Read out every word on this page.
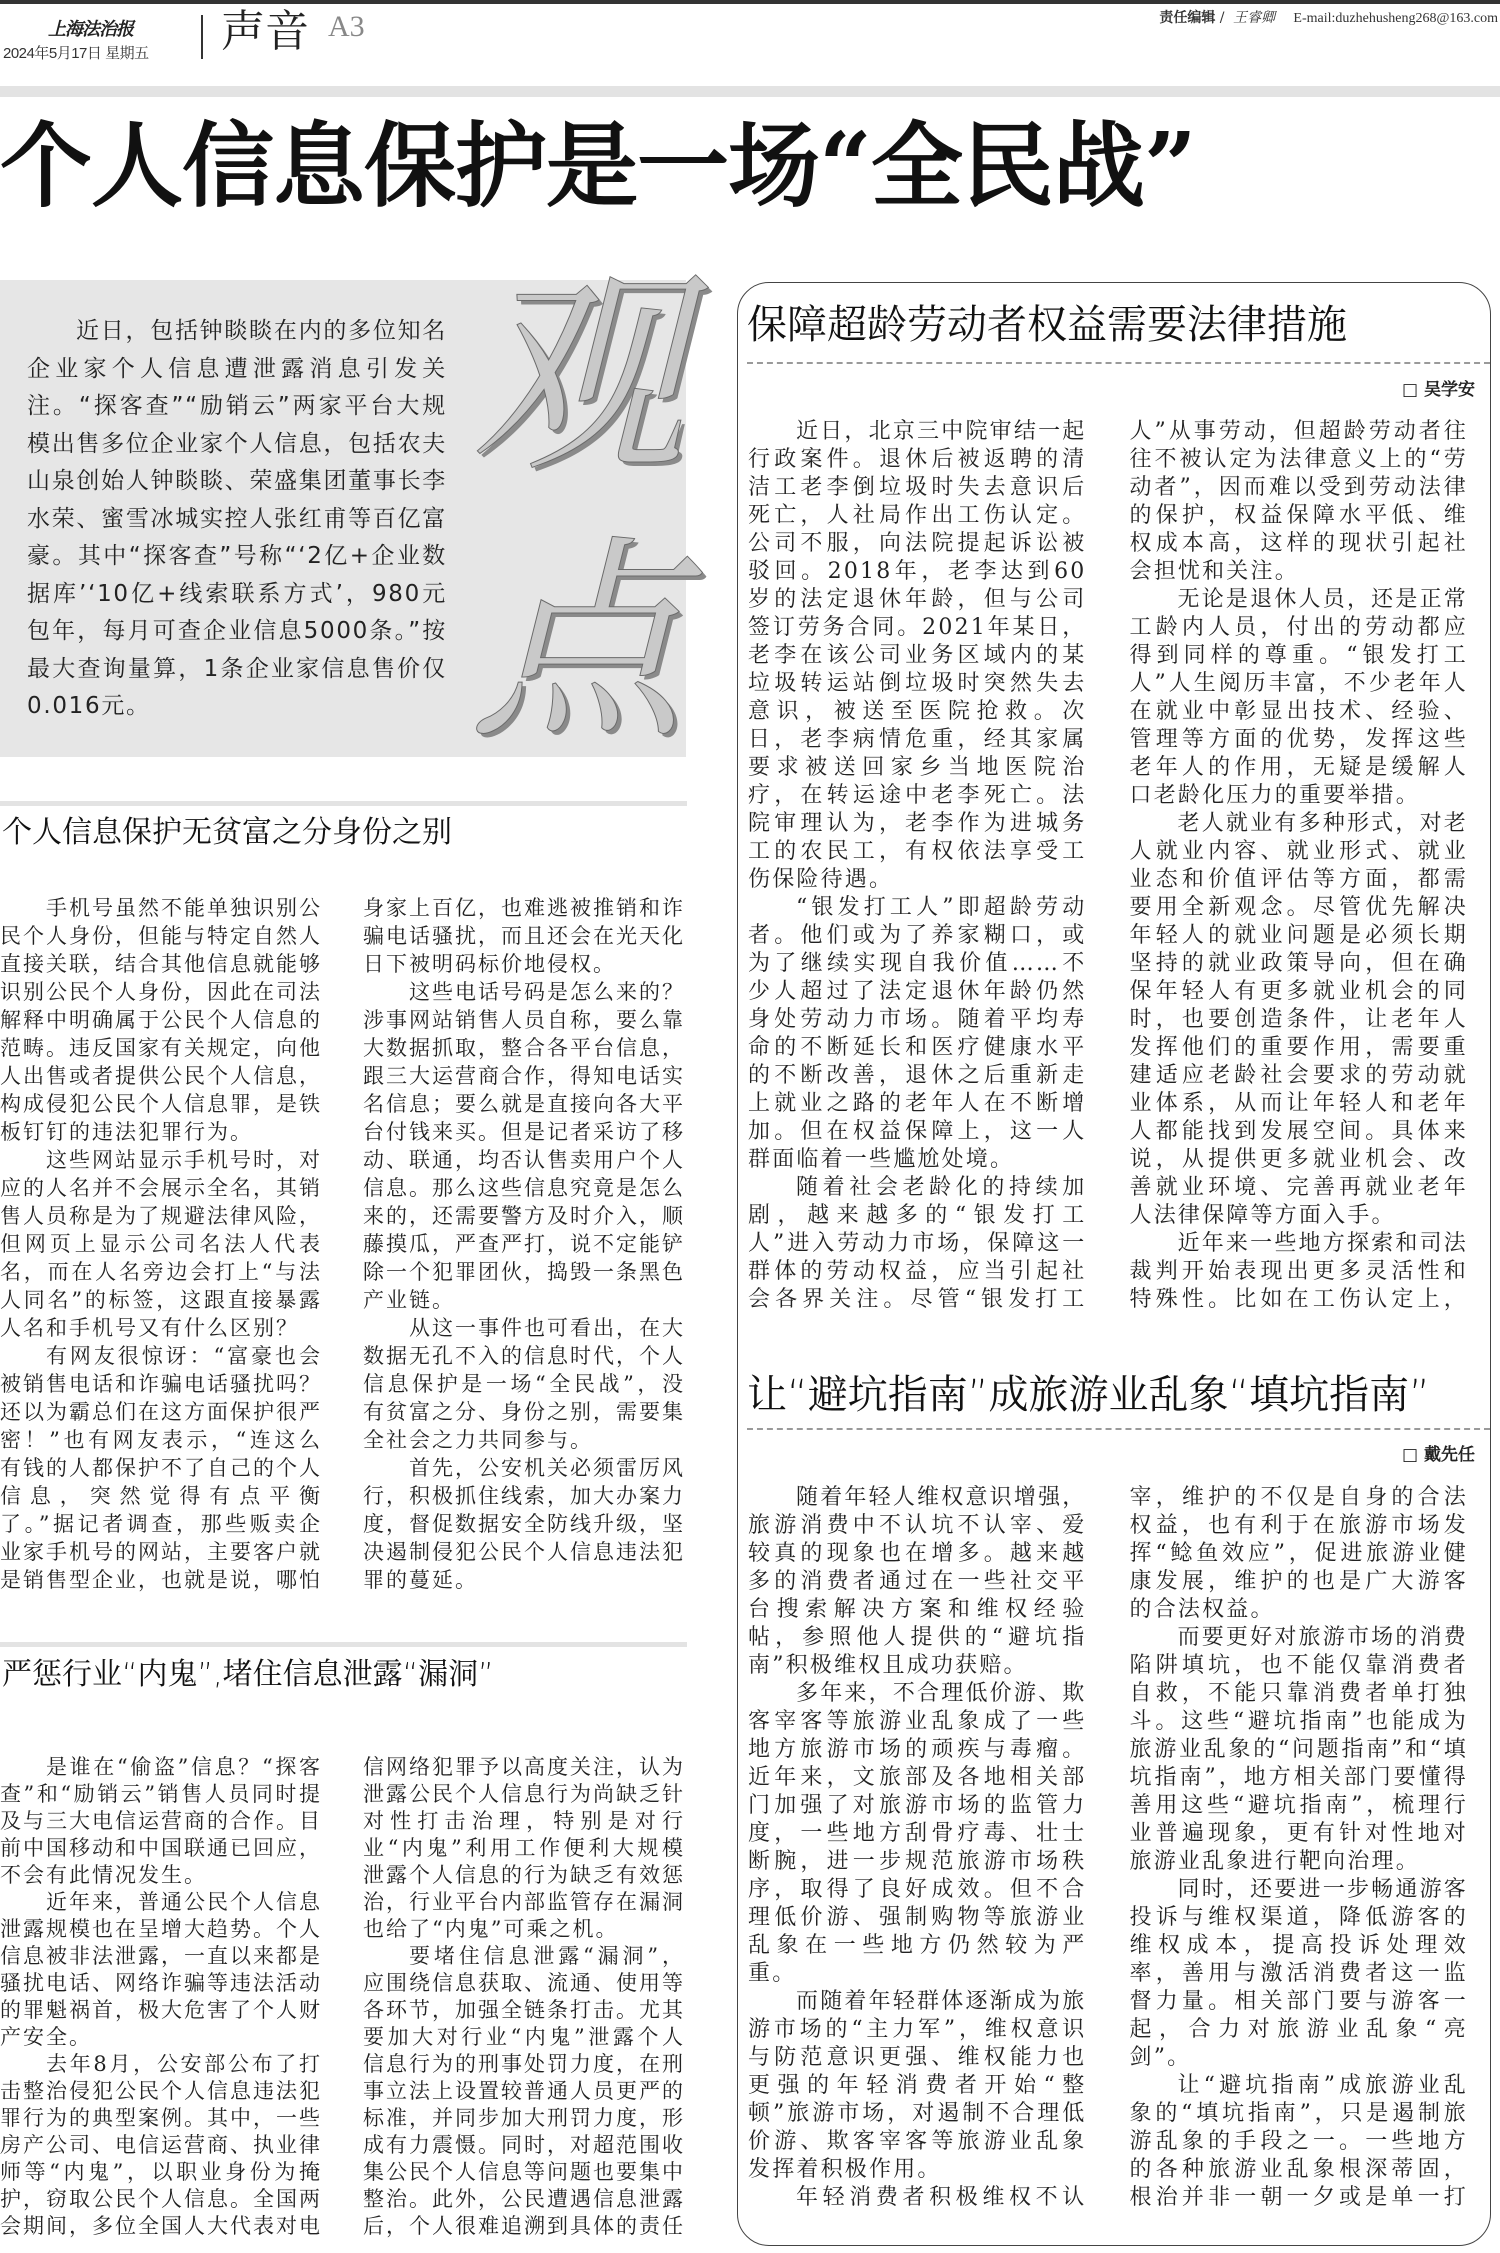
上海法治报
2024年5月17日 星期五 声音 A3	责任编辑 / 王睿卿 E-mail:duzhehusheng268@163.com
个人信息保护是一场“全民战”
观
点
近日，包括钟睒睒在内的多位知名企业家个人信息遭泄露消息引发关注。“探客查”“励销云”两家平台大规模出售多位企业家个人信息，包括农夫山泉创始人钟睒睒、荣盛集团董事长李水荣、蜜雪冰城实控人张红甫等百亿富豪。其中“探客查”号称“‘2亿+企业数据库’‘10亿+线索联系方式’，980元包年，每月可查企业信息5000条。”按最大查询量算，1条企业家信息售价仅0.016元。
个人信息保护无贫富之分身份之别

手机号虽然不能单独识别公民个人身份，但能与特定自然人直接关联，结合其他信息就能够识别公民个人身份，因此在司法解释中明确属于公民个人信息的范畴。违反国家有关规定，向他人出售或者提供公民个人信息，构成侵犯公民个人信息罪，是铁板钉钉的违法犯罪行为。

这些网站显示手机号时，对应的人名并不会展示全名，其销售人员称是为了规避法律风险，但网页上显示公司名法人代表名，而在人名旁边会打上“与法人同名”的标签，这跟直接暴露人名和手机号又有什么区别？

有网友很惊讶：“富豪也会被销售电话和诈骗电话骚扰吗？还以为霸总们在这方面保护很严密！”也有网友表示，“连这么有钱的人都保护不了自己的个人信息，突然觉得有点平衡了。”据记者调查，那些贩卖企业家手机号的网站，主要客户就是销售型企业，也就是说，哪怕身家上百亿，也难逃被推销和诈骗电话骚扰，而且还会在光天化日下被明码标价地侵权。

这些电话号码是怎么来的？涉事网站销售人员自称，要么靠大数据抓取，整合各平台信息，跟三大运营商合作，得知电话实名信息；要么就是直接向各大平台付钱来买。但是记者采访了移动、联通，均否认售卖用户个人信息。那么这些信息究竟是怎么来的，还需要警方及时介入，顺藤摸瓜，严查严打，说不定能铲除一个犯罪团伙，捣毁一条黑色产业链。

从这一事件也可看出，在大数据无孔不入的信息时代，个人信息保护是一场“全民战”，没有贫富之分、身份之别，需要集全社会之力共同参与。

首先，公安机关必须雷厉风行，积极抓住线索，加大办案力度，督促数据安全防线升级，坚决遏制侵犯公民个人信息违法犯罪的蔓延。

严惩行业“内鬼”,堵住信息泄露“漏洞”

是谁在“偷盗”信息？“探客查”和“励销云”销售人员同时提及与三大电信运营商的合作。目前中国移动和中国联通已回应，不会有此情况发生。

近年来，普通公民个人信息泄露规模也在呈增大趋势。个人信息被非法泄露，一直以来都是骚扰电话、网络诈骗等违法活动的罪魁祸首，极大危害了个人财产安全。

去年8月，公安部公布了打击整治侵犯公民个人信息违法犯罪行为的典型案例。其中，一些房产公司、电信运营商、执业律师等“内鬼”，以职业身份为掩护，窃取公民个人信息。全国两会期间，多位全国人大代表对电信网络犯罪予以高度关注，认为泄露公民个人信息行为尚缺乏针对性打击治理，特别是对行业“内鬼”利用工作便利大规模泄露个人信息的行为缺乏有效惩治，行业平台内部监管存在漏洞也给了“内鬼”可乘之机。

要堵住信息泄露“漏洞”，应围绕信息获取、流通、使用等各环节，加强全链条打击。尤其要加大对行业“内鬼”泄露个人信息行为的刑事处罚力度，在刑事立法上设置较普通人员更严的标准，并同步加大刑罚力度，形成有力震慑。同时，对超范围收集公民个人信息等问题也要集中整治。此外，公民遭遇信息泄露后，个人很难追溯到具体的责任

保障超龄劳动者权益需要法律措施
□ 吴学安

近日，北京三中院审结一起行政案件。退休后被返聘的清洁工老李倒垃圾时失去意识后死亡，人社局作出工伤认定。公司不服，向法院提起诉讼被驳回。2018年，老李达到60岁的法定退休年龄，但与公司签订劳务合同。2021年某日，老李在该公司业务区域内的某垃圾转运站倒垃圾时突然失去意识，被送至医院抢救。次日，老李病情危重，经其家属要求被送回家乡当地医院治疗，在转运途中老李死亡。法院审理认为，老李作为进城务工的农民工，有权依法享受工伤保险待遇。

“银发打工人”即超龄劳动者。他们或为了养家糊口，或为了继续实现自我价值……不少人超过了法定退休年龄仍然身处劳动力市场。随着平均寿命的不断延长和医疗健康水平的不断改善，退休之后重新走上就业之路的老年人在不断增加。但在权益保障上，这一人群面临着一些尴尬处境。

随着社会老龄化的持续加剧，越来越多的“银发打工人”进入劳动力市场，保障这一群体的劳动权益，应当引起社会各界关注。尽管“银发打工人”从事劳动，但超龄劳动者往往不被认定为法律意义上的“劳动者”，因而难以受到劳动法律的保护，权益保障水平低、维权成本高，这样的现状引起社会担忧和关注。

无论是退休人员，还是正常工龄内人员，付出的劳动都应得到同样的尊重。“银发打工人”人生阅历丰富，不少老年人在就业中彰显出技术、经验、管理等方面的优势，发挥这些老年人的作用，无疑是缓解人口老龄化压力的重要举措。

老人就业有多种形式，对老人就业内容、就业形式、就业业态和价值评估等方面，都需要用全新观念。尽管优先解决年轻人的就业问题是必须长期坚持的就业政策导向，但在确保年轻人有更多就业机会的同时，也要创造条件，让老年人发挥他们的重要作用，需要重建适应老龄社会要求的劳动就业体系，从而让年轻人和老年人都能找到发展空间。具体来说，从提供更多就业机会、改善就业环境、完善再就业老年人法律保障等方面入手。

近年来一些地方探索和司法裁判开始表现出更多灵活性和特殊性。比如在工伤认定上，

让“避坑指南”成旅游业乱象“填坑指南”
□ 戴先任

随着年轻人维权意识增强，旅游消费中不认坑不认宰、爱较真的现象也在增多。越来越多的消费者通过在一些社交平台搜索解决方案和维权经验帖，参照他人提供的“避坑指南”积极维权且成功获赔。

多年来，不合理低价游、欺客宰客等旅游业乱象成了一些地方旅游市场的顽疾与毒瘤。近年来，文旅部及各地相关部门加强了对旅游市场的监管力度，一些地方刮骨疗毒、壮士断腕，进一步规范旅游市场秩序，取得了良好成效。但不合理低价游、强制购物等旅游业乱象在一些地方仍然较为严重。

而随着年轻群体逐渐成为旅游市场的“主力军”，维权意识与防范意识更强、维权能力也更强的年轻消费者开始“整顿”旅游市场，对遏制不合理低价游、欺客宰客等旅游业乱象发挥着积极作用。

年轻消费者积极维权不认宰，维护的不仅是自身的合法权益，也有利于在旅游市场发挥“鲶鱼效应”，促进旅游业健康发展，维护的也是广大游客的合法权益。

而要更好对旅游市场的消费陷阱填坑，也不能仅靠消费者自救，不能只靠消费者单打独斗。这些“避坑指南”也能成为旅游业乱象的“问题指南”和“填坑指南”，地方相关部门要懂得善用这些“避坑指南”，梳理行业普遍现象，更有针对性地对旅游业乱象进行靶向治理。

同时，还要进一步畅通游客投诉与维权渠道，降低游客的维权成本，提高投诉处理效率，善用与激活消费者这一监督力量。相关部门要与游客一起，合力对旅游业乱象“亮剑”。

让“避坑指南”成旅游业乱象的“填坑指南”，只是遏制旅游乱象的手段之一。一些地方的各种旅游业乱象根深蒂固，根治并非一朝一夕或是单一打
